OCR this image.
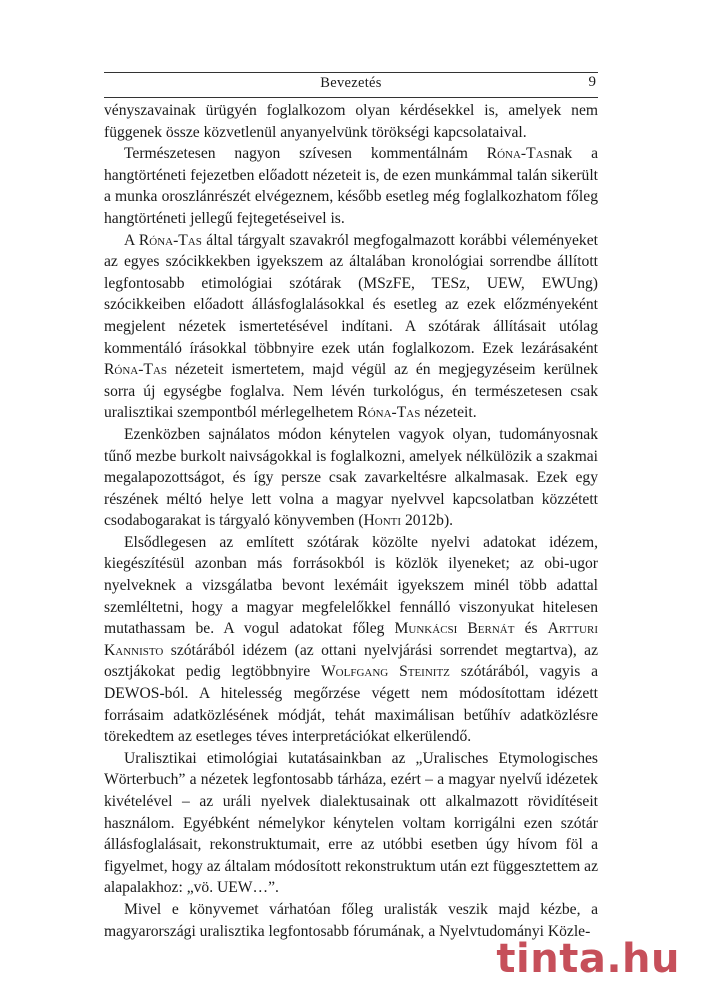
Bevezetés	9

vényszavainak ürügyén foglalkozom olyan kérdésekkel is, amelyek nem függenek össze közvetlenül anyanyelvünk törökségi kapcsolataival.

Természetesen nagyon szívesen kommentálnám Róna-Tasnak a hangtörténeti fejezetben előadott nézeteit is, de ezen munkámmal talán sikerült a munka oroszlánrészét elvégeznem, később esetleg még foglalkozhatom főleg hangtörténeti jellegű fejtegetéseivel is.

A Róna-Tas által tárgyalt szavakról megfogalmazott korábbi véleményeket az egyes szócikkekben igyekszem az általában kronológiai sorrendbe állított legfontosabb etimológiai szótárak (MSzFE, TESz, UEW, EWUng) szócikkeiben előadott állásfoglalásokkal és esetleg az ezek előzményeként megjelent nézetek ismertetésével indítani. A szótárak állításait utólag kommentáló írásokkal többnyire ezek után foglalkozom. Ezek lezárásaként Róna-Tas nézeteit ismertetem, majd végül az én megjegyzéseim kerülnek sorra új egységbe foglalva. Nem lévén turkológus, én természetesen csak uralisztikai szempontból mérlegelhetem Róna-Tas nézeteit.

Ezenközben sajnálatos módon kénytelen vagyok olyan, tudományosnak tűnő mezbe burkolt naivságokkal is foglalkozni, amelyek nélkülözik a szakmai megalapozottságot, és így persze csak zavarkeltésre alkalmasak. Ezek egy részének méltó helye lett volna a magyar nyelvvel kapcsolatban közzétett csodabogarakat is tárgyaló könyvemben (Honti 2012b).

Elsődlegesen az említett szótárak közölte nyelvi adatokat idézem, kiegészítésül azonban más forrásokból is közlök ilyeneket; az obi-ugor nyelveknek a vizsgálatba bevont lexémáit igyekszem minél több adattal szemléltetni, hogy a magyar megfelelőkkel fennálló viszonyukat hitelesen mutathassam be. A vogul adatokat főleg Munkácsi Bernát és Artturi Kannisto szótárából idézem (az ottani nyelvjárási sorrendet megtartva), az osztjákokat pedig legtöbbnyire Wolfgang Steinitz szótárából, vagyis a DEWOS-ból. A hitelesség megőrzése végett nem módosítottam idézett forrásaim adatközlésének módját, tehát maximálisan betűhív adatközlésre törekedtem az esetleges téves interpretációkat elkerülendő.

Uralisztikai etimológiai kutatásainkban az „Uralisches Etymologisches Wörterbuch” a nézetek legfontosabb tárháza, ezért – a magyar nyelvű idézetek kivételével – az uráli nyelvek dialektusainak ott alkalmazott rövidítéseit használom. Egyébként némelykor kénytelen voltam korrigálni ezen szótár állásfoglalásait, rekonstruktumait, erre az utóbbi esetben úgy hívom föl a figyelmet, hogy az általam módosított rekonstruktum után ezt függesztettem az alapalakhoz: „vö. UEW…”.

Mivel e könyvemet várhatóan főleg uralisták veszik majd kézbe, a magyarországi uralisztika legfontosabb fórumának, a Nyelvtudományi Közle-

tinta.hu
